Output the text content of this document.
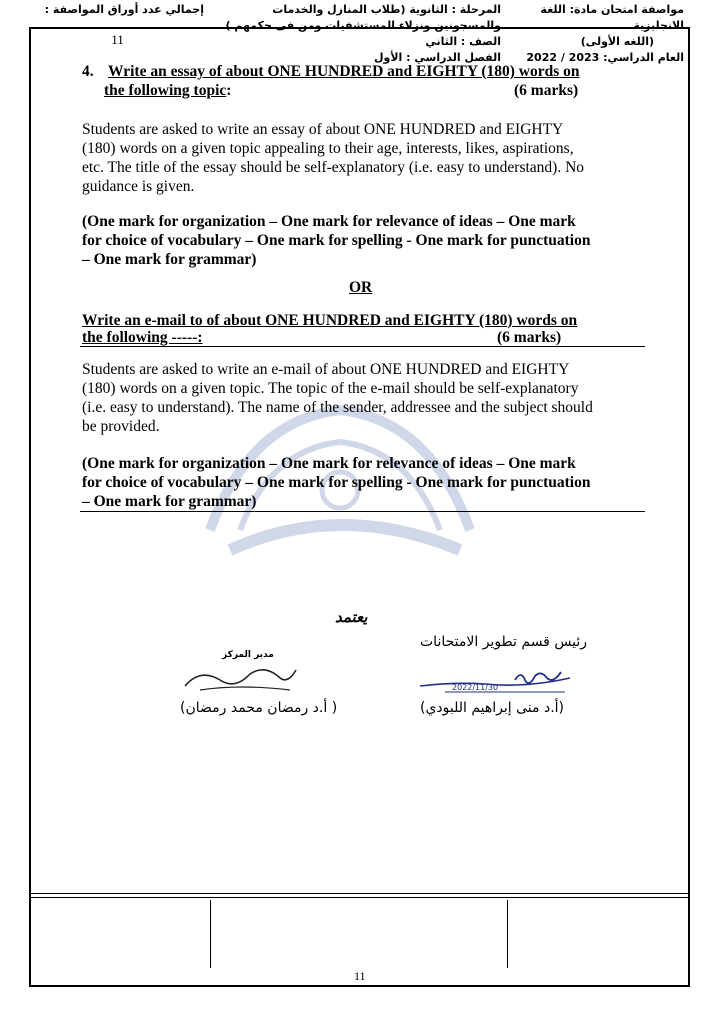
4. Write an essay of about ONE HUNDRED and EIGHTY (180) words on
the following topic:	(6 marks)
Students are asked to write an essay of about ONE HUNDRED and EIGHTY
(180) words on a given topic appealing to their age, interests, likes, aspirations,
etc. The title of the essay should be self-explanatory (i.e. easy to understand). No
guidance is given.
(One mark for organization – One mark for relevance of ideas – One mark
for choice of vocabulary – One mark for spelling - One mark for punctuation
– One mark for grammar)
OR
Write an e-mail to of about ONE HUNDRED and EIGHTY (180) words on
the following -----:	(6 marks)
Students are asked to write an e-mail of about ONE HUNDRED and EIGHTY
(180) words on a given topic. The topic of the e-mail should be self-explanatory
(i.e. easy to understand). The name of the sender, addressee and the subject should
be provided.
(One mark for organization – One mark for relevance of ideas – One mark
for choice of vocabulary – One mark for spelling - One mark for punctuation
– One mark for grammar)
يعتمد
رئيس قسم تطوير الامتحانات
2022/11/30
(أ.د منى إبراهيم اللبودي)
مدير المركز
( أ.د رمضان محمد رمضان)
مواصفة امتحان مادة: اللغة الانجليزية
(اللغه الأولى)
العام الدراسي: 2022 / 2023
المرحلة : الثانوية (طلاب المنازل والخدمات والمسجونين ونزلاء المستشفيات ومن فى حكمهم )
الصف : الثاني
الفصل الدراسي : الأول
إجمالي عدد أوراق المواصفة :
11
11
